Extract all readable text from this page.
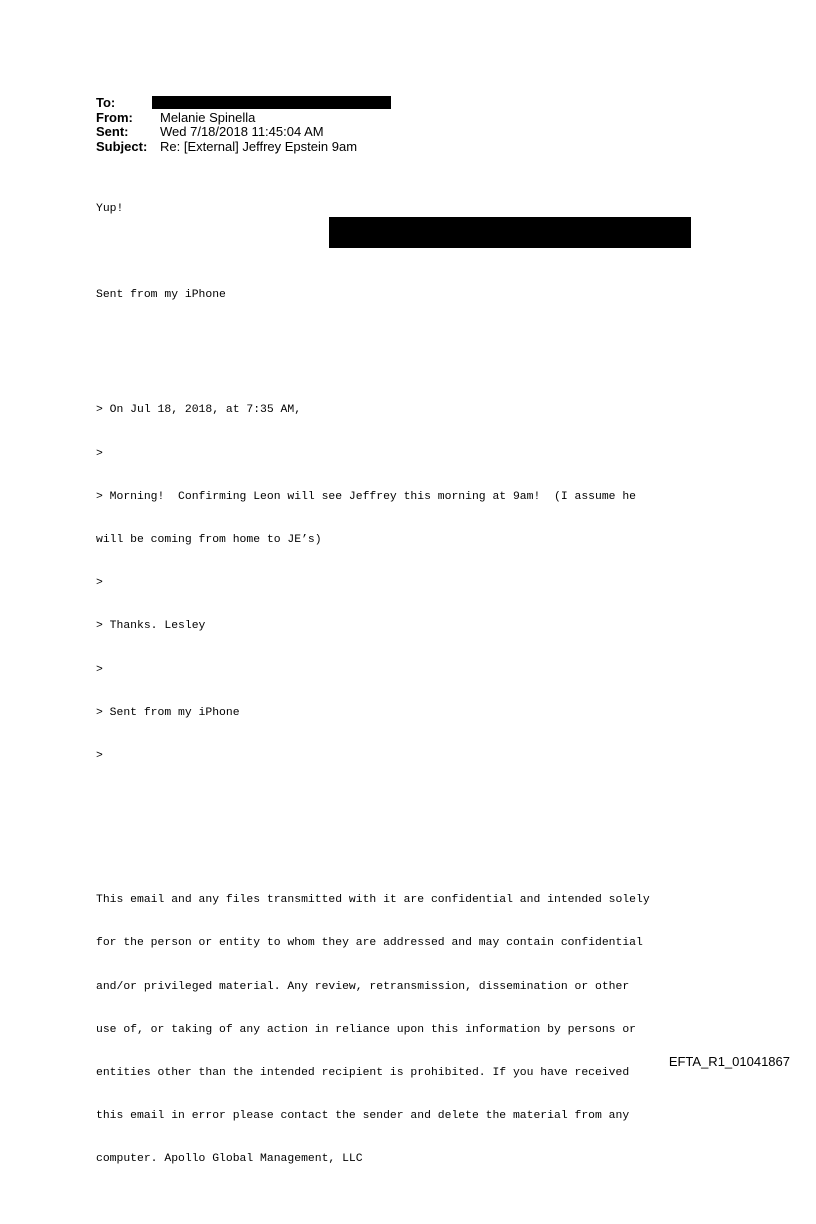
To:
From:	Melanie Spinella
Sent:	Wed 7/18/2018 11:45:04 AM
Subject: Re: [External] Jeffrey Epstein 9am

Yup!

Sent from my iPhone

> On Jul 18, 2018, at 7:35 AM,

>

> Morning!  Confirming Leon will see Jeffrey this morning at 9am!  (I assume he

will be coming from home to JE’s)

>

> Thanks. Lesley

>

> Sent from my iPhone

>

This email and any files transmitted with it are confidential and intended solely

for the person or entity to whom they are addressed and may contain confidential

and/or privileged material. Any review, retransmission, dissemination or other

use of, or taking of any action in reliance upon this information by persons or

entities other than the intended recipient is prohibited. If you have received

this email in error please contact the sender and delete the material from any

computer. Apollo Global Management, LLC

EFTA_R1_01041867
